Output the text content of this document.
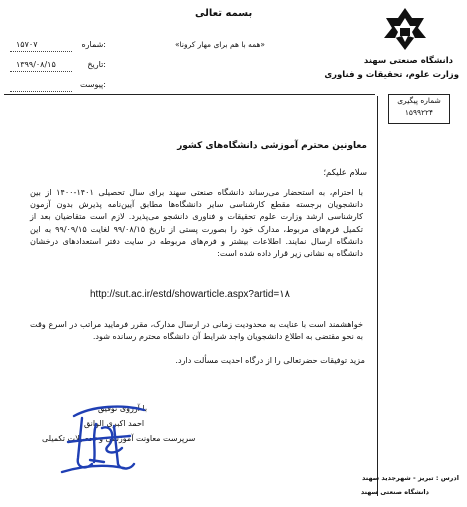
دانشگاه صنعتی سهند
وزارت علوم، تحقیقات و فناوری
بسمه تعالی
«همه با هم برای مهار کرونا»
۱۵۷۰۷	شماره:
۱۳۹۹/۰۸/۱۵	تاریخ:
پیوست:
شماره پیگیری
۱۵۹۹۲۲۴
معاونین محترم آموزشی دانشگاه‌های کشور
سلام علیکم؛
با احترام، به استحضار می‌رساند دانشگاه صنعتی سهند برای سال تحصیلی ۱۴۰۱-۱۴۰۰ از بین دانشجویان برجسته مقطع کارشناسی سایر دانشگاه‌ها مطابق آیین‌نامه پذیرش بدون آزمون کارشناسی ارشد وزارت علوم تحقیقات و فناوری دانشجو می‌پذیرد. لازم است متقاضیان بعد از تکمیل فرم‌های مربوط، مدارک خود را بصورت پستی از تاریخ ۹۹/۰۸/۱۵ لغایت ۹۹/۰۹/۱۵ به این دانشگاه ارسال نمایند. اطلاعات بیشتر و فرم‌های مربوطه در سایت دفتر استعدادهای درخشان دانشگاه به نشانی زیر قرار داده شده است:
http://sut.ac.ir/estd/showarticle.aspx?artid=۱۸
خواهشمند است با عنایت به محدودیت زمانی در ارسال مدارک، مقرر فرمایید مراتب در اسرع وقت به نحو مقتضی به اطلاع دانشجویان واجد شرایط آن دانشگاه محترم رسانده شود.
مزید توفیقات حضرتعالی را از درگاه احدیت مسألت دارد.
با آرزوی توفیق
احمد اکبری الوانق
سرپرست معاونت آموزشی و تحصیلات تکمیلی
ادرس : تبریز - شهرجدید سهند
دانشگاه صنعتی سهند
